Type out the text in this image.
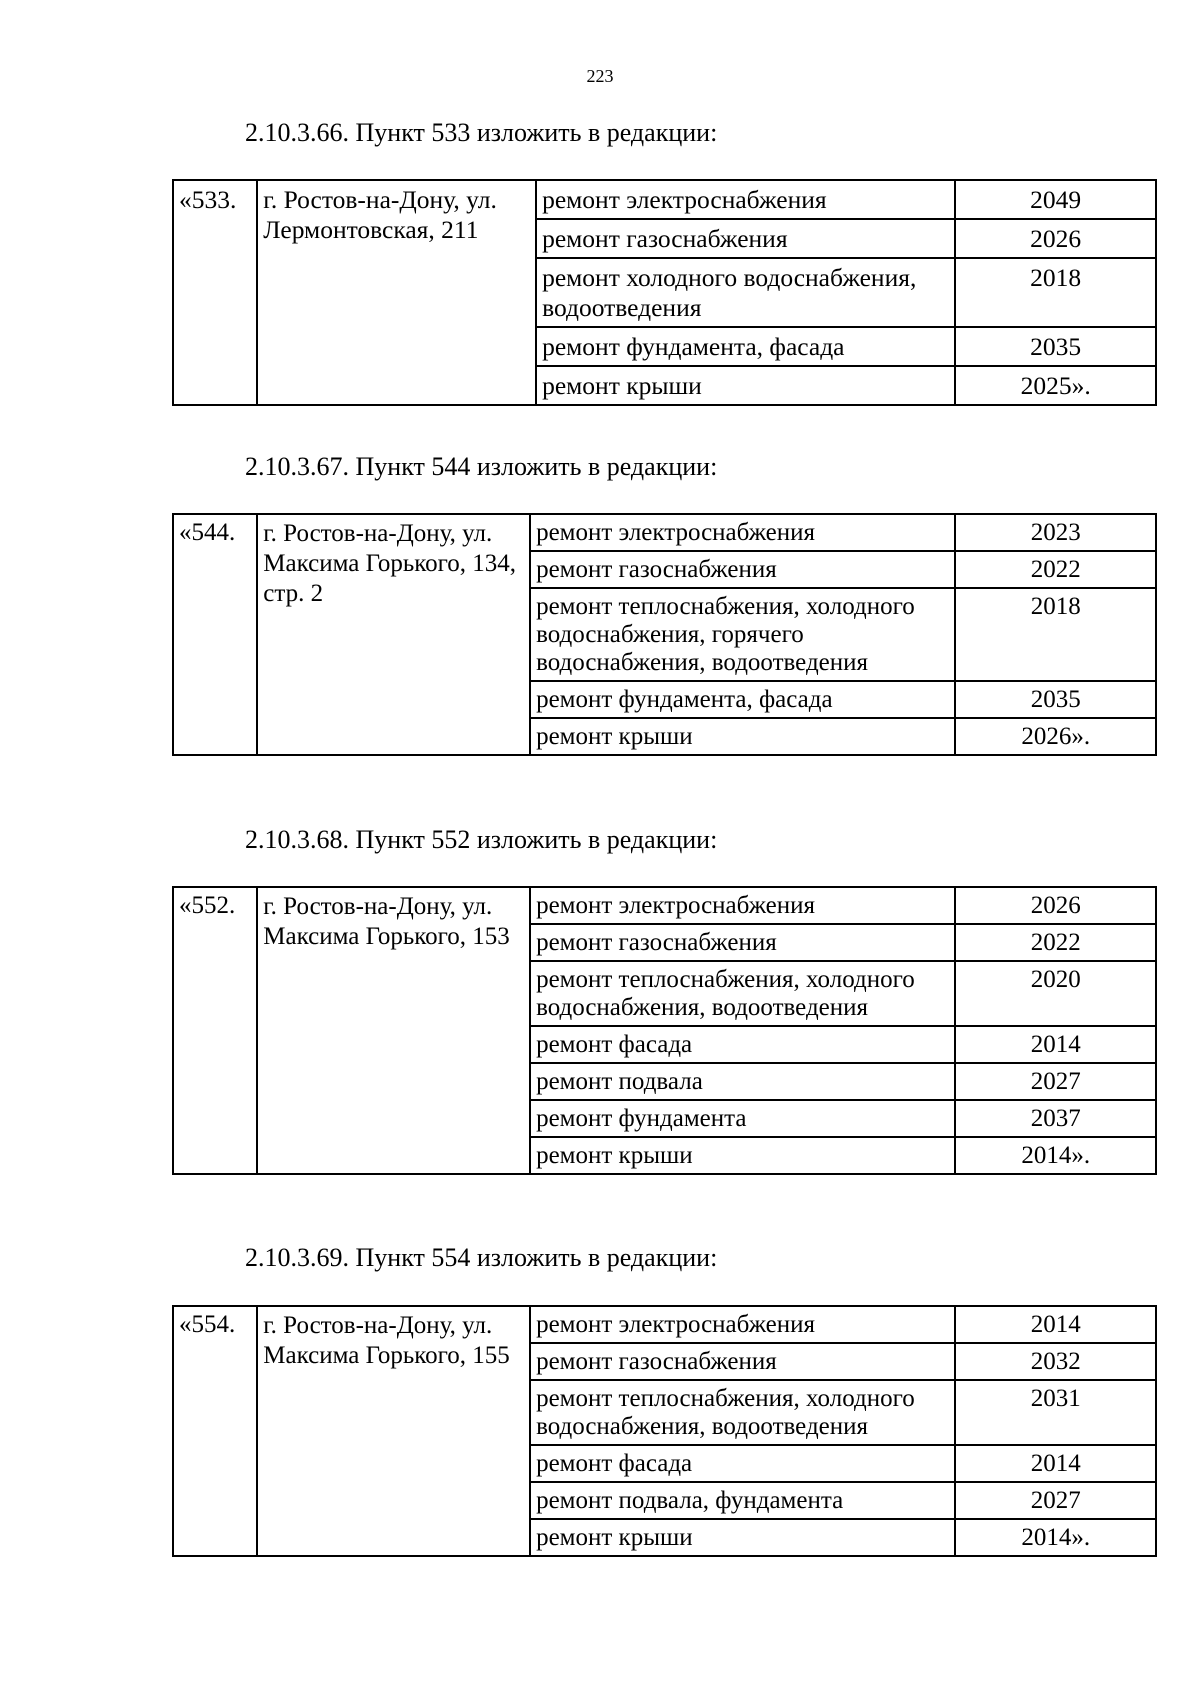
223
2.10.3.66. Пункт 533 изложить в редакции:
«533.	г. Ростов-на-Дону, ул. Лермонтовская, 211	ремонт электроснабжения	2049
		ремонт газоснабжения	2026
		ремонт холодного водоснабжения, водоотведения	2018
		ремонт фундамента, фасада	2035
		ремонт крыши	2025».
2.10.3.67. Пункт 544 изложить в редакции:
«544.	г. Ростов-на-Дону, ул. Максима Горького, 134, стр. 2	ремонт электроснабжения	2023
		ремонт газоснабжения	2022
		ремонт теплоснабжения, холодного водоснабжения, горячего водоснабжения, водоотведения	2018
		ремонт фундамента, фасада	2035
		ремонт крыши	2026».
2.10.3.68. Пункт 552 изложить в редакции:
«552.	г. Ростов-на-Дону, ул. Максима Горького, 153	ремонт электроснабжения	2026
		ремонт газоснабжения	2022
		ремонт теплоснабжения, холодного водоснабжения, водоотведения	2020
		ремонт фасада	2014
		ремонт подвала	2027
		ремонт фундамента	2037
		ремонт крыши	2014».
2.10.3.69. Пункт 554 изложить в редакции:
«554.	г. Ростов-на-Дону, ул. Максима Горького, 155	ремонт электроснабжения	2014
		ремонт газоснабжения	2032
		ремонт теплоснабжения, холодного водоснабжения, водоотведения	2031
		ремонт фасада	2014
		ремонт подвала, фундамента	2027
		ремонт крыши	2014».
